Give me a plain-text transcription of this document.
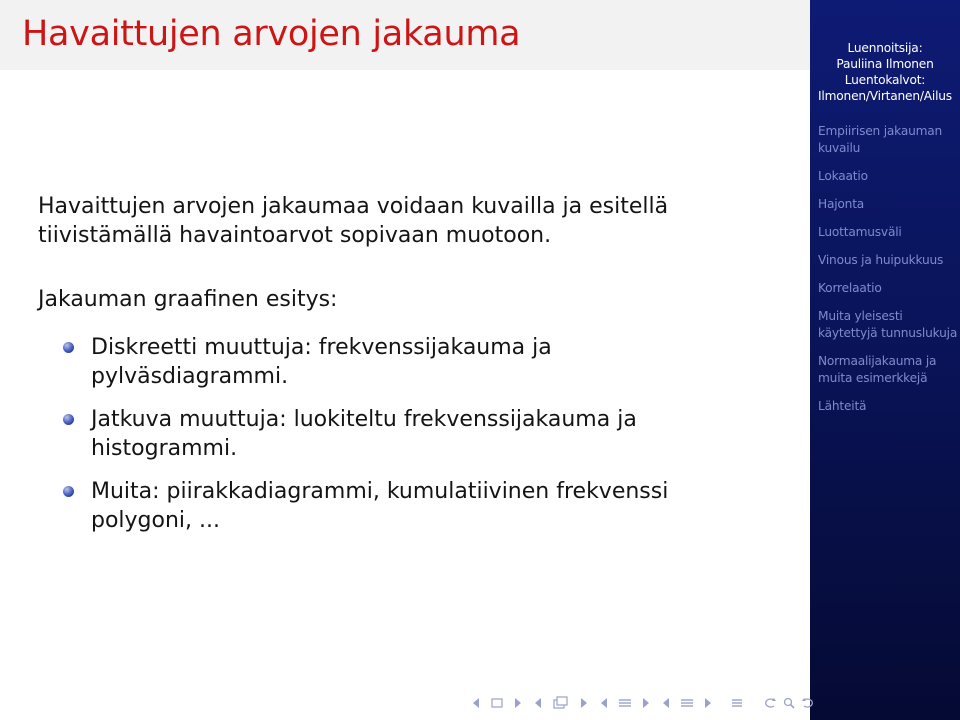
Havaittujen arvojen jakauma

Havaittujen arvojen jakaumaa voidaan kuvailla ja esitellä
tiivistämällä havaintoarvot sopivaan muotoon.

Jakauman graafinen esitys:

Diskreetti muuttuja: frekvenssijakauma ja
pylväsdiagrammi.
Jatkuva muuttuja: luokiteltu frekvenssijakauma ja
histogrammi.
Muita: piirakkadiagrammi, kumulatiivinen frekvenssi
polygoni, ...
Luennoitsija:
Pauliina Ilmonen
Luentokalvot:
Ilmonen/Virtanen/Ailus
Empiirisen jakauman
kuvailu
Lokaatio
Hajonta
Luottamusväli
Vinous ja huipukkuus
Korrelaatio
Muita yleisesti
käytettyjä tunnuslukuja
Normaalijakauma ja
muita esimerkkejä
Lähteitä
